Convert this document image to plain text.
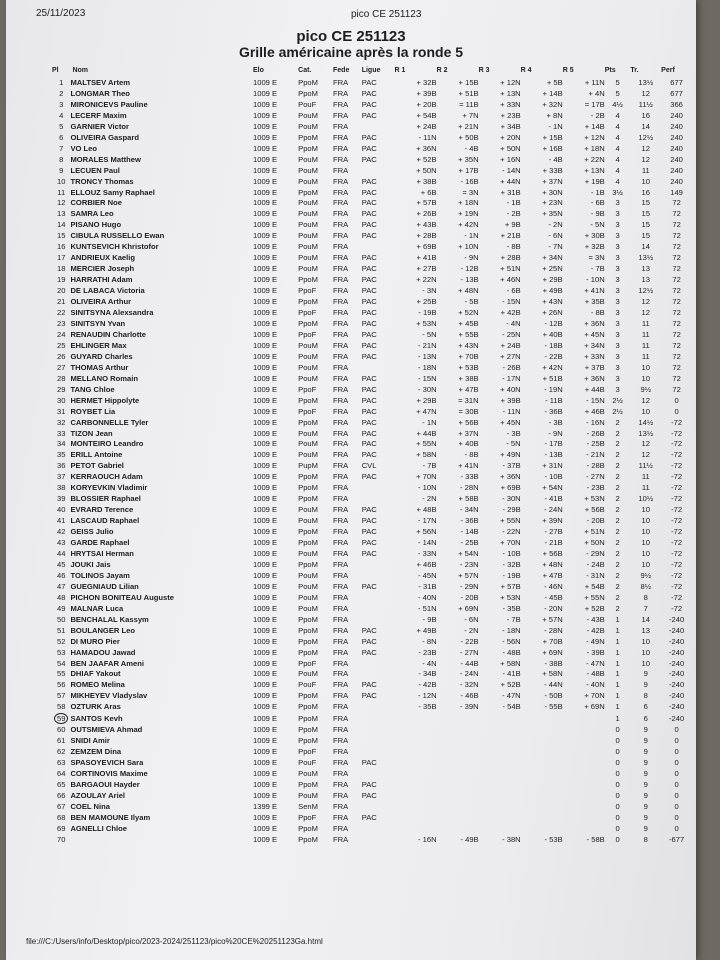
25/11/2023	pico CE 251123
pico CE 251123
Grille américaine après la ronde 5
Pl	Nom	Elo	Cat.	Fede	Ligue	R 1	R 2	R 3	R 4	R 5	Pts	Tr.	Perf
1	MALTSEV Artem	1009 E	PpoM	FRA	PAC	+ 32B	+ 15B	+ 12N	+ 5B	+ 11N	5	13½	677
2	LONGMAR Theo	1009 E	PpoM	FRA	PAC	+ 39B	+ 51B	+ 13N	+ 14B	+ 4N	5	12	677
3	MIRONICEVS Pauline	1009 E	PouF	FRA	PAC	+ 20B	= 11B	+ 33N	+ 32N	= 17B	4½	11½	366
4	LECERF Maxim	1009 E	PouM	FRA	PAC	+ 54B	+ 7N	+ 23B	+ 8N	- 2B	4	16	240
5	GARNIER Victor	1009 E	PouM	FRA		+ 24B	+ 21N	+ 34B	- 1N	+ 14B	4	14	240
6	OLIVEIRA Gaspard	1009 E	PpoM	FRA	PAC	- 11N	+ 50B	+ 20N	+ 15B	+ 12N	4	12½	240
7	VO Leo	1009 E	PpoM	FRA	PAC	+ 36N	- 4B	+ 50N	+ 16B	+ 18N	4	12	240
8	MORALES Matthew	1009 E	PouM	FRA	PAC	+ 52B	+ 35N	+ 16N	- 4B	+ 22N	4	12	240
9	LECUEN Paul	1009 E	PouM	FRA		+ 50N	+ 17B	- 14N	+ 33B	+ 13N	4	11	240
10	TRONCY Thomas	1009 E	PouM	FRA	PAC	+ 38B	- 16B	+ 44N	+ 37N	+ 19B	4	10	240
11	ELLOUZ Samy Raphael	1009 E	PpoM	FRA	PAC	+ 6B	= 3N	+ 31B	+ 30N	- 1B	3½	16	149
12	CORBIER Noe	1009 E	PouM	FRA	PAC	+ 57B	+ 18N	- 1B	+ 23N	- 6B	3	15	72
13	SAMRA Leo	1009 E	PouM	FRA	PAC	+ 26B	+ 19N	- 2B	+ 35N	- 9B	3	15	72
14	PISANO Hugo	1009 E	PouM	FRA	PAC	+ 43B	+ 42N	+ 9B	- 2N	- 5N	3	15	72
15	CIBULA RUSSELLO Ewan	1009 E	PouM	FRA	PAC	+ 28B	- 1N	+ 21B	- 6N	+ 30B	3	15	72
16	KUNTSEVICH Khristofor	1009 E	PouM	FRA		+ 69B	+ 10N	- 8B	- 7N	+ 32B	3	14	72
17	ANDRIEUX Kaelig	1009 E	PouM	FRA	PAC	+ 41B	- 9N	+ 28B	+ 34N	= 3N	3	13½	72
18	MERCIER Joseph	1009 E	PouM	FRA	PAC	+ 27B	- 12B	+ 51N	+ 25N	- 7B	3	13	72
19	HARRATHI Adam	1009 E	PpoM	FRA	PAC	+ 22N	- 13B	+ 46N	+ 29B	- 10N	3	13	72
20	DE LABACA Victoria	1009 E	PpoF	FRA	PAC	- 3N	+ 48N	- 6B	+ 49B	+ 41N	3	12½	72
21	OLIVEIRA Arthur	1009 E	PpoM	FRA	PAC	+ 25B	- 5B	- 15N	+ 43N	+ 35B	3	12	72
22	SINITSYNA Alexsandra	1009 E	PpoF	FRA	PAC	- 19B	+ 52N	+ 42B	+ 26N	- 8B	3	12	72
23	SINITSYN Yvan	1009 E	PpoM	FRA	PAC	+ 53N	+ 45B	- 4N	- 12B	+ 36N	3	11	72
24	RENAUDIN Charlotte	1009 E	PpoF	FRA	PAC	- 5N	+ 55B	- 25N	+ 40B	+ 45N	3	11	72
25	EHLINGER Max	1009 E	PouM	FRA	PAC	- 21N	+ 43N	+ 24B	- 18B	+ 34N	3	11	72
26	GUYARD Charles	1009 E	PouM	FRA	PAC	- 13N	+ 70B	+ 27N	- 22B	+ 33N	3	11	72
27	THOMAS Arthur	1009 E	PouM	FRA		- 18N	+ 53B	- 26B	+ 42N	+ 37B	3	10	72
28	MELLANO Romain	1009 E	PouM	FRA	PAC	- 15N	+ 38B	- 17N	+ 51B	+ 36N	3	10	72
29	TANG Chloe	1009 E	PpoF	FRA	PAC	- 30N	+ 47B	+ 40N	- 19N	+ 44B	3	9½	72
30	HERMET Hippolyte	1009 E	PpoM	FRA	PAC	+ 29B	= 31N	+ 39B	- 11B	- 15N	2½	12	0
31	ROYBET Lia	1009 E	PpoF	FRA	PAC	+ 47N	= 30B	- 11N	- 36B	+ 46B	2½	10	0
32	CARBONNELLE Tyler	1009 E	PpoM	FRA	PAC	- 1N	+ 56B	+ 45N	- 3B	- 16N	2	14½	-72
33	TIZON Jean	1009 E	PouM	FRA	PAC	+ 44B	+ 37N	- 3B	- 9N	- 26B	2	13½	-72
34	MONTEIRO Leandro	1009 E	PouM	FRA	PAC	+ 55N	+ 40B	- 5N	- 17B	- 25B	2	12	-72
35	ERILL Antoine	1009 E	PouM	FRA	PAC	+ 58N	- 8B	+ 49N	- 13B	- 21N	2	12	-72
36	PETOT Gabriel	1009 E	PupM	FRA	CVL	- 7B	+ 41N	- 37B	+ 31N	- 28B	2	11½	-72
37	KERRAOUCH Adam	1009 E	PpoM	FRA	PAC	+ 70N	- 33B	+ 36N	- 10B	- 27N	2	11	-72
38	KORYEVKIN Vladimir	1009 E	PpoM	FRA		- 10N	- 28N	+ 69B	+ 54N	- 23B	2	11	-72
39	BLOSSIER Raphael	1009 E	PpoM	FRA		- 2N	+ 58B	- 30N	- 41B	+ 53N	2	10½	-72
40	EVRARD Terence	1009 E	PouM	FRA	PAC	+ 48B	- 34N	- 29B	- 24N	+ 56B	2	10	-72
41	LASCAUD Raphael	1009 E	PouM	FRA	PAC	- 17N	- 36B	+ 55N	+ 39N	- 20B	2	10	-72
42	GEISS Julio	1009 E	PpoM	FRA	PAC	+ 56N	- 14B	- 22N	- 27B	+ 51N	2	10	-72
43	GARDE Raphael	1009 E	PpoM	FRA	PAC	- 14N	- 25B	+ 70N	- 21B	+ 50N	2	10	-72
44	HRYTSAI Herman	1009 E	PouM	FRA	PAC	- 33N	+ 54N	- 10B	+ 56B	- 29N	2	10	-72
45	JOUKI Jais	1009 E	PpoM	FRA		+ 46B	- 23N	- 32B	+ 48N	- 24B	2	10	-72
46	TOLINOS Jayam	1009 E	PouM	FRA		- 45N	+ 57N	- 19B	+ 47B	- 31N	2	9½	-72
47	GUEGNIAUD Lilian	1009 E	PouM	FRA	PAC	- 31B	- 29N	+ 57B	- 46N	+ 54B	2	8½	-72
48	PICHON BONITEAU Auguste	1009 E	PouM	FRA		- 40N	- 20B	+ 53N	- 45B	+ 55N	2	8	-72
49	MALNAR Luca	1009 E	PouM	FRA		- 51N	+ 69N	- 35B	- 20N	+ 52B	2	7	-72
50	BENCHALAL Kassym	1009 E	PpoM	FRA		- 9B	- 6N	- 7B	+ 57N	- 43B	1	14	-240
51	BOULANGER Leo	1009 E	PpoM	FRA	PAC	+ 49B	- 2N	- 18N	- 28N	- 42B	1	13	-240
52	DI MURO Pier	1009 E	PpoM	FRA	PAC	- 8N	- 22B	- 56N	+ 70B	- 49N	1	10	-240
53	HAMADOU Jawad	1009 E	PpoM	FRA	PAC	- 23B	- 27N	- 48B	+ 69N	- 39B	1	10	-240
54	BEN JAAFAR Ameni	1009 E	PpoF	FRA		- 4N	- 44B	+ 58N	- 38B	- 47N	1	10	-240
55	DHIAF Yakout	1009 E	PouM	FRA		- 34B	- 24N	- 41B	+ 58N	- 48B	1	9	-240
56	ROMEO Melina	1009 E	PouF	FRA	PAC	- 42B	- 32N	+ 52B	- 44N	- 40N	1	9	-240
57	MIKHEYEV Vladyslav	1009 E	PpoM	FRA	PAC	- 12N	- 46B	- 47N	- 50B	+ 70N	1	8	-240
58	OZTURK Aras	1009 E	PpoM	FRA		- 35B	- 39N	- 54B	- 55B	+ 69N	1	6	-240
59	SANTOS Kevh	1009 E	PpoM	FRA							1	6	-240
60	OUTSMIEVA Ahmad	1009 E	PpoM	FRA							0	9	0
61	SNIDI Amir	1009 E	PpoM	FRA							0	9	0
62	ZEMZEM Dina	1009 E	PpoF	FRA							0	9	0
63	SPASOYEVICH Sara	1009 E	PouF	FRA	PAC						0	9	0
64	CORTINOVIS Maxime	1009 E	PouM	FRA							0	9	0
65	BARGAOUI Hayder	1009 E	PpoM	FRA	PAC						0	9	0
66	AZOULAY Ariel	1009 E	PouM	FRA	PAC						0	9	0
67	COEL Nina	1399 E	SenM	FRA							0	9	0
68	BEN MAMOUNE Ilyam	1009 E	PpoF	FRA	PAC						0	9	0
69	AGNELLI Chloe	1009 E	PpoM	FRA							0	9	0
70		1009 E	PpoM	FRA		- 16N	- 49B	- 38N	- 53B	- 58B	0	8	-677
file:///C:/Users/info/Desktop/pico/2023-2024/251123/pico%20CE%20251123Ga.html
